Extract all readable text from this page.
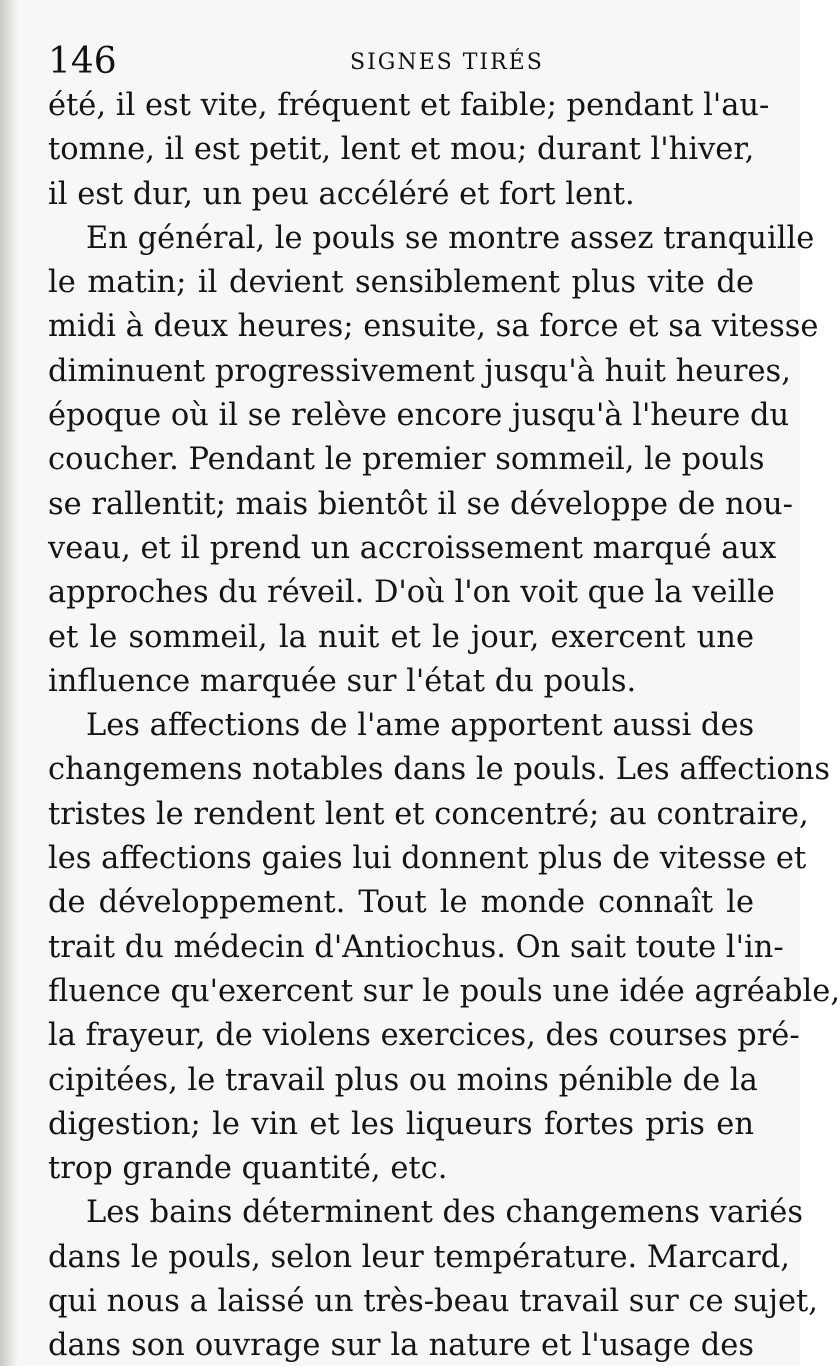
146	SIGNES TIRÉS
été, il est vite, fréquent et faible; pendant l'au-
tomne, il est petit, lent et mou; durant l'hiver,
il est dur, un peu accéléré et fort lent.
En général, le pouls se montre assez tranquille
le matin; il devient sensiblement plus vite de
midi à deux heures; ensuite, sa force et sa vitesse
diminuent progressivement jusqu'à huit heures,
époque où il se relève encore jusqu'à l'heure du
coucher. Pendant le premier sommeil, le pouls
se rallentit; mais bientôt il se développe de nou-
veau, et il prend un accroissement marqué aux
approches du réveil. D'où l'on voit que la veille
et le sommeil, la nuit et le jour, exercent une
influence marquée sur l'état du pouls.
Les affections de l'ame apportent aussi des
changemens notables dans le pouls. Les affections
tristes le rendent lent et concentré; au contraire,
les affections gaies lui donnent plus de vitesse et
de développement. Tout le monde connaît le
trait du médecin d'Antiochus. On sait toute l'in-
fluence qu'exercent sur le pouls une idée agréable,
la frayeur, de violens exercices, des courses pré-
cipitées, le travail plus ou moins pénible de la
digestion; le vin et les liqueurs fortes pris en
trop grande quantité, etc.
Les bains déterminent des changemens variés
dans le pouls, selon leur température. Marcard,
qui nous a laissé un très-beau travail sur ce sujet,
dans son ouvrage sur la nature et l'usage des
